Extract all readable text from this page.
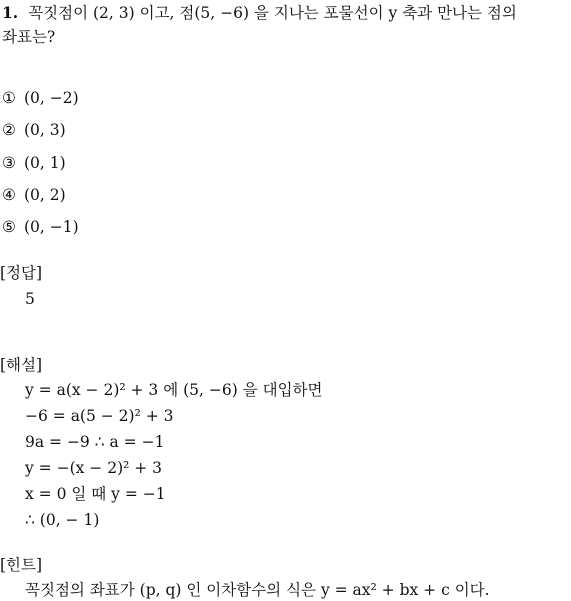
1. 꼭짓점이 (2, 3) 이고, 점(5, −6) 을 지나는 포물선이 y 축과 만나는 점의
좌표는?
① (0, −2)
② (0, 3)
③ (0, 1)
④ (0, 2)
⑤ (0, −1)
[정답]
5
[해설]
y = a(x − 2)² + 3 에 (5, −6) 을 대입하면
−6 = a(5 − 2)² + 3
9a = −9 ∴ a = −1
y = −(x − 2)² + 3
x = 0 일 때 y = −1
∴ (0, − 1)
[힌트]
꼭짓점의 좌표가 (p, q) 인 이차함수의 식은 y = ax² + bx + c 이다.
